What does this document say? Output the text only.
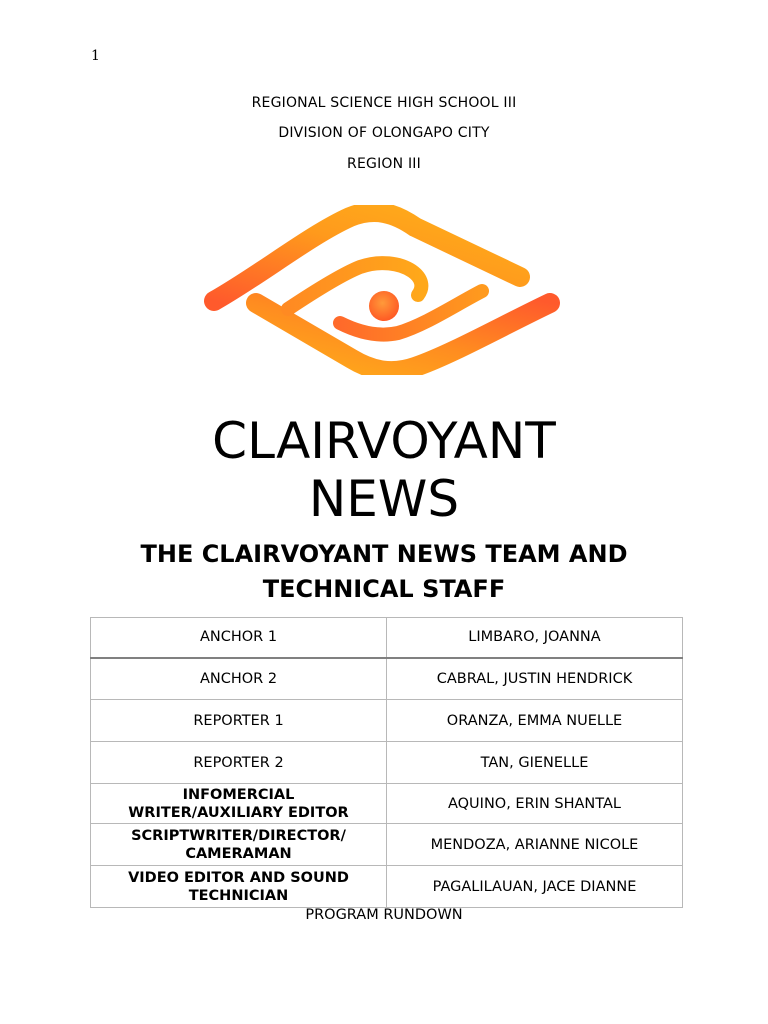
1
REGIONAL SCIENCE HIGH SCHOOL III
DIVISION OF OLONGAPO CITY
REGION III
CLAIRVOYANT
NEWS
THE CLAIRVOYANT NEWS TEAM AND
TECHNICAL STAFF
ANCHOR 1	LIMBARO, JOANNA

ANCHOR 2	CABRAL, JUSTIN HENDRICK

REPORTER 1	ORANZA, EMMA NUELLE

REPORTER 2	TAN, GIENELLE

INFOMERCIAL
WRITER/AUXILIARY EDITOR	AQUINO, ERIN SHANTAL

SCRIPTWRITER/DIRECTOR/
CAMERAMAN	MENDOZA, ARIANNE NICOLE

VIDEO EDITOR AND SOUND
TECHNICIAN	PAGALILAUAN, JACE DIANNE
PROGRAM RUNDOWN
